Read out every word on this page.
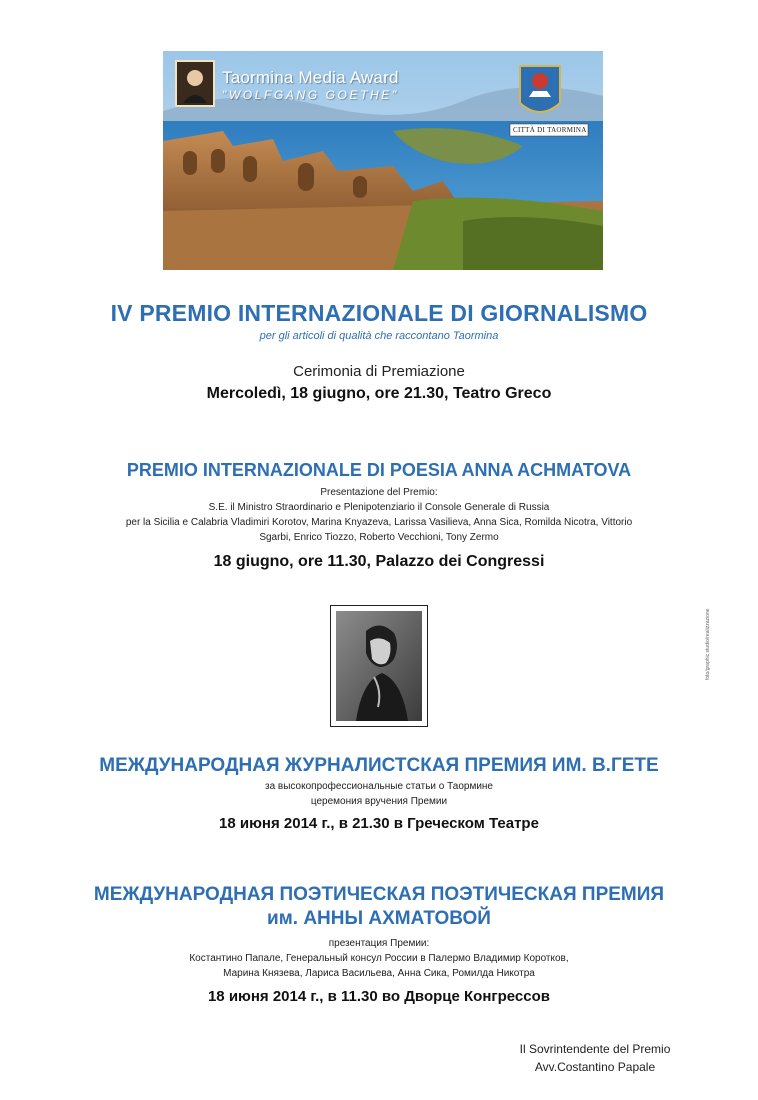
Taormina Media Award
"WOLFGANG GOETHE"
CITTÀ DI TAORMINA
IV PREMIO INTERNAZIONALE DI GIORNALISMO
per gli articoli di qualità che raccontano Taormina
Cerimonia di Premiazione
Mercoledì, 18 giugno, ore 21.30, Teatro Greco
PREMIO INTERNAZIONALE DI POESIA ANNA ACHMATOVA
Presentazione del Premio:
S.E. il Ministro Straordinario e Plenipotenziario il Console Generale di Russia
per la Sicilia e Calabria Vladimiri Korotov, Marina Knyazeva, Larissa Vasilieva, Anna Sica, Romilda Nicotra, Vittorio
Sgarbi, Enrico Tiozzo, Roberto Vecchioni, Tony Zermo
18 giugno, ore 11.30, Palazzo dei Congressi
foto/graphic studio/realizzazione
МЕЖДУНАРОДНАЯ ЖУРНАЛИСТСКАЯ ПРЕМИЯ ИМ. В.ГЕТЕ
за высокопрофессиональные статьи о Таормине
церемония вручения Премии
18 июня 2014 г., в 21.30 в Греческом Театре
МЕЖДУНАРОДНАЯ ПОЭТИЧЕСКАЯ ПОЭТИЧЕСКАЯ ПРЕМИЯ
им. АННЫ АХМАТОВОЙ
презентация Премии:
Костантино Папале, Генеральный консул России в Палермо Владимир Коротков,
Марина Князева, Лариса Васильева, Анна Сика, Ромилда Никотра
18 июня 2014 г., в 11.30 во Дворце Конгрессов
Il Sovrintendente del Premio
Avv.Costantino Papale
